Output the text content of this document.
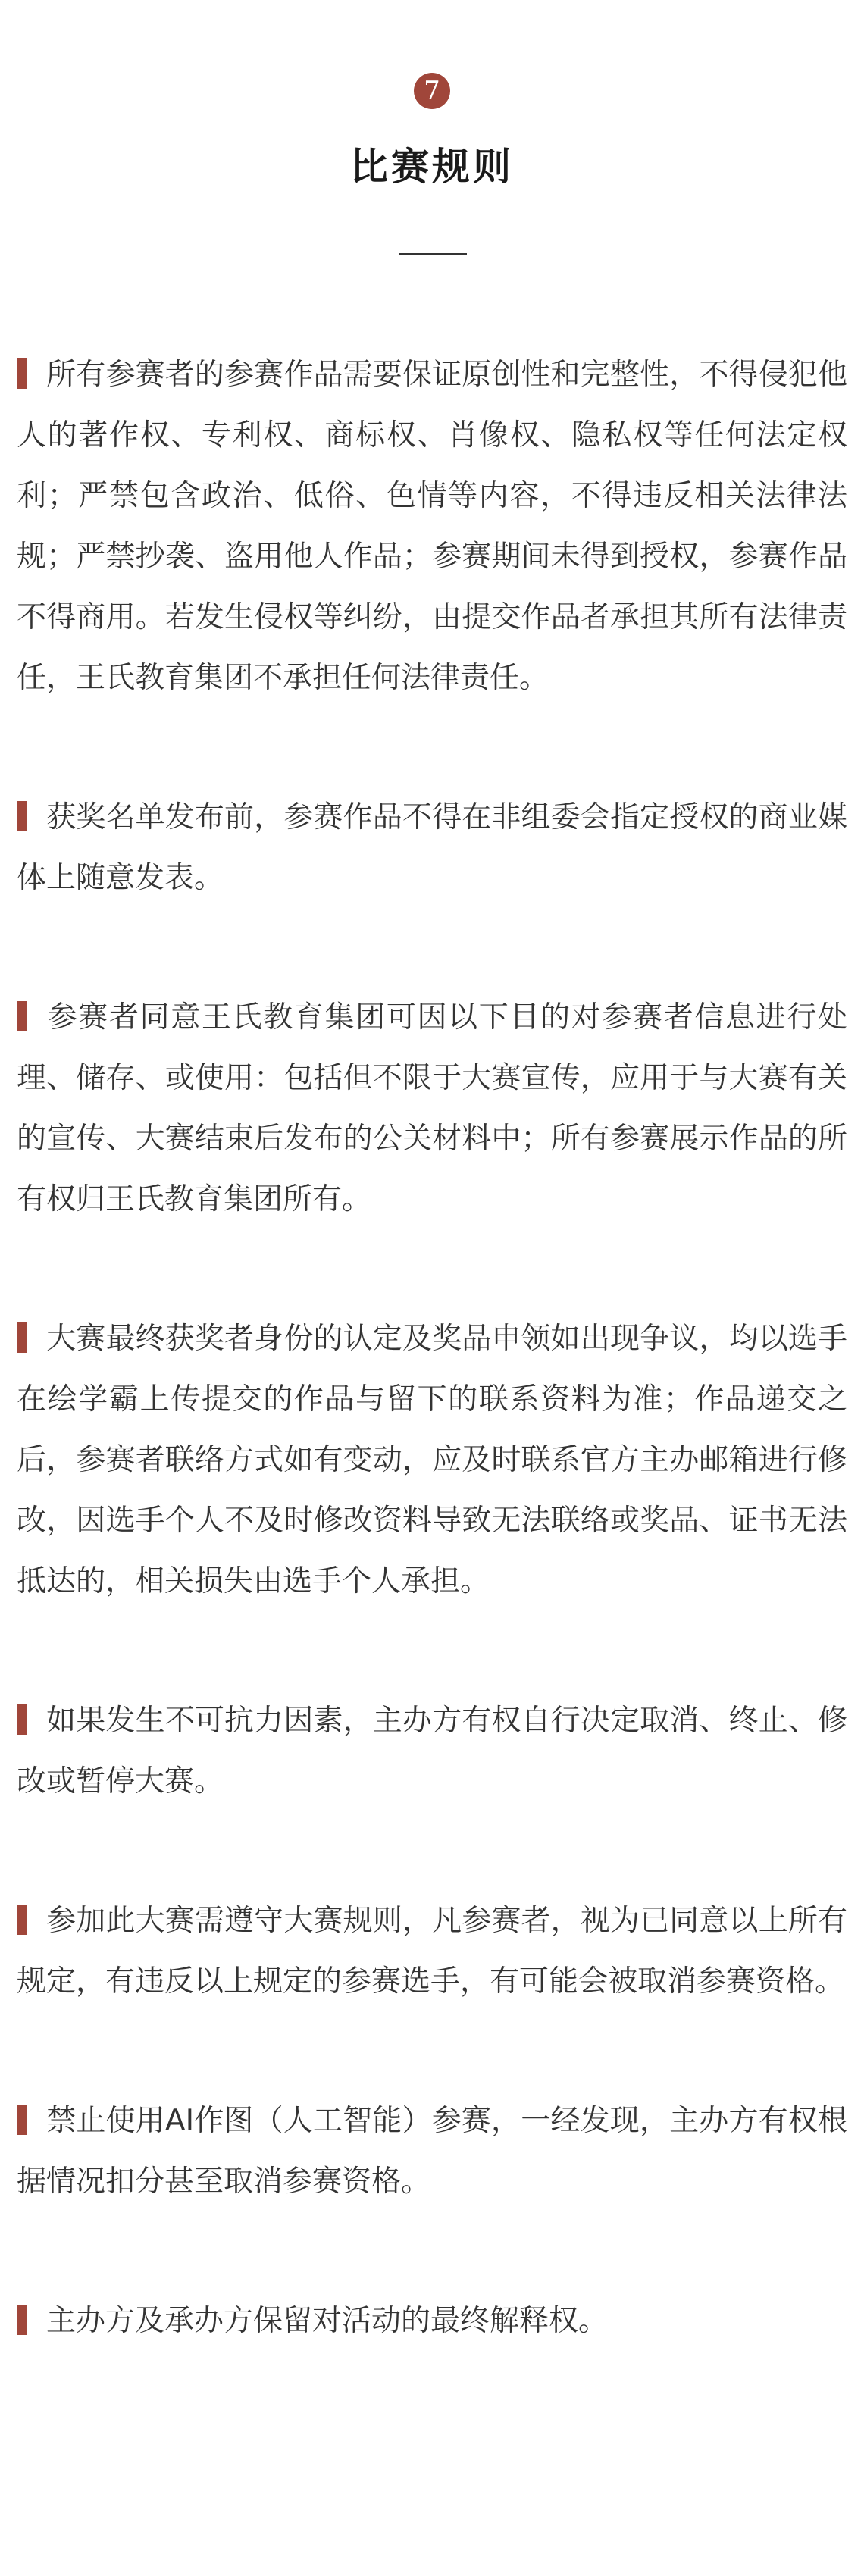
7
比赛规则

所有参赛者的参赛作品需要保证原创性和完整性，不得侵犯他人的著作权、专利权、商标权、肖像权、隐私权等任何法定权利；严禁包含政治、低俗、色情等内容，不得违反相关法律法规；严禁抄袭、盗用他人作品；参赛期间未得到授权，参赛作品不得商用。若发生侵权等纠纷，由提交作品者承担其所有法律责任，王氏教育集团不承担任何法律责任。

获奖名单发布前，参赛作品不得在非组委会指定授权的商业媒体上随意发表。

参赛者同意王氏教育集团可因以下目的对参赛者信息进行处理、储存、或使用：包括但不限于大赛宣传，应用于与大赛有关的宣传、大赛结束后发布的公关材料中；所有参赛展示作品的所有权归王氏教育集团所有。

大赛最终获奖者身份的认定及奖品申领如出现争议，均以选手在绘学霸上传提交的作品与留下的联系资料为准；作品递交之后，参赛者联络方式如有变动，应及时联系官方主办邮箱进行修改，因选手个人不及时修改资料导致无法联络或奖品、证书无法抵达的，相关损失由选手个人承担。

如果发生不可抗力因素，主办方有权自行决定取消、终止、修改或暂停大赛。

参加此大赛需遵守大赛规则，凡参赛者，视为已同意以上所有规定，有违反以上规定的参赛选手，有可能会被取消参赛资格。

禁止使用AI作图（人工智能）参赛，一经发现，主办方有权根据情况扣分甚至取消参赛资格。

主办方及承办方保留对活动的最终解释权。
